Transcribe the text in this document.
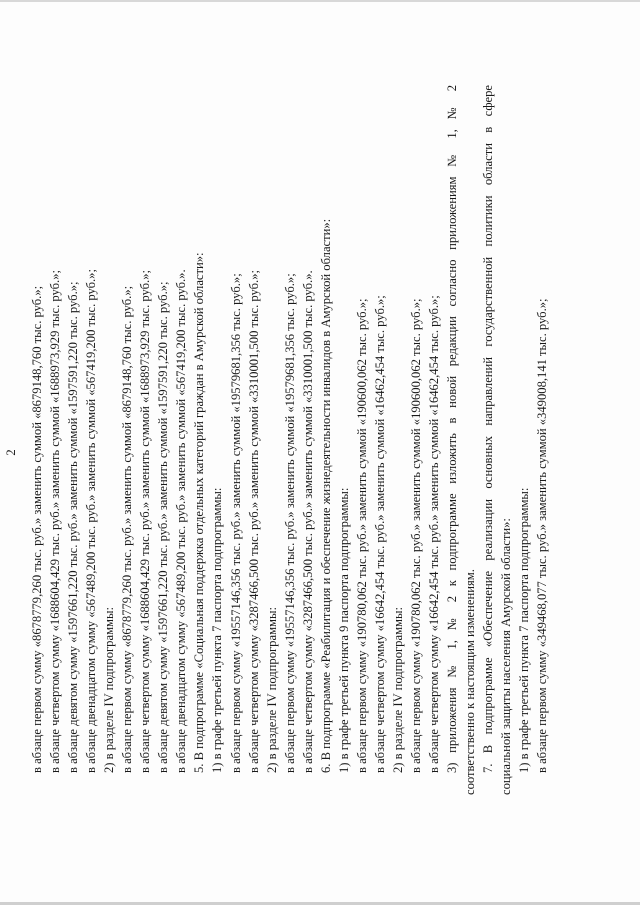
2 в абзаце первом сумму «8678779,260 тыс. руб.» заменить суммой «8679148,760 тыс. руб.»; в абзаце четвертом сумму «1688604,429 тыс. руб.» заменить суммой «1688973,929 тыс. руб.»; в абзаце девятом сумму «1597661,220 тыс. руб.» заменить суммой «1597591,220 тыс. руб.»; в абзаце двенадцатом сумму «567489,200 тыс. руб.» заменить суммой «567419,200 тыс. руб.»; 2) в разделе IV подпрограммы: в абзаце первом сумму «8678779,260 тыс. руб.» заменить суммой «8679148,760 тыс. руб.»; в абзаце четвертом сумму «1688604,429 тыс. руб.» заменить суммой «1688973,929 тыс. руб.»; в абзаце девятом сумму «1597661,220 тыс. руб.» заменить суммой «1597591,220 тыс. руб.»; в абзаце двенадцатом сумму «567489,200 тыс. руб.» заменить суммой «567419,200 тыс. руб.». 5. В подпрограмме «Социальная поддержка отдельных категорий граждан в Амурской области»: 1) в графе третьей пункта 7 паспорта подпрограммы: в абзаце первом сумму «19557146,356 тыс. руб.» заменить суммой «19579681,356 тыс. руб.»; в абзаце четвертом сумму «3287466,500 тыс. руб.» заменить суммой «3310001,500 тыс. руб.»; 2) в разделе IV подпрограммы: в абзаце первом сумму «19557146,356 тыс. руб.» заменить суммой «19579681,356 тыс. руб.»; в абзаце четвертом сумму «3287466,500 тыс. руб.» заменить суммой «3310001,500 тыс. руб.». 6. В подпрограмме «Реабилитация и обеспечение жизнедеятельности инвалидов в Амурской области»: 1) в графе третьей пункта 9 паспорта подпрограммы: в абзаце первом сумму «190780,062 тыс. руб.» заменить суммой «190600,062 тыс. руб.»; в абзаце четвертом сумму «16642,454 тыс. руб.» заменить суммой «16462,454 тыс. руб.»; 2) в разделе IV подпрограммы: в абзаце первом сумму «190780,062 тыс. руб.» заменить суммой «190600,062 тыс. руб.»; в абзаце четвертом сумму «16642,454 тыс. руб.» заменить суммой «16462,454 тыс. руб.»; 3) приложения № 1, № 2 к подпрограмме изложить в новой редакции согласно приложениям № 1, № 2 соответственно к настоящим изменениям. 7. В подпрограмме «Обеспечение реализации основных направлений государственной политики области в сфере социальной защиты населения Амурской области»: 1) в графе третьей пункта 7 паспорта подпрограммы: в абзаце первом сумму «349468,077 тыс. руб.» заменить суммой «349008,141 тыс. руб.»;
